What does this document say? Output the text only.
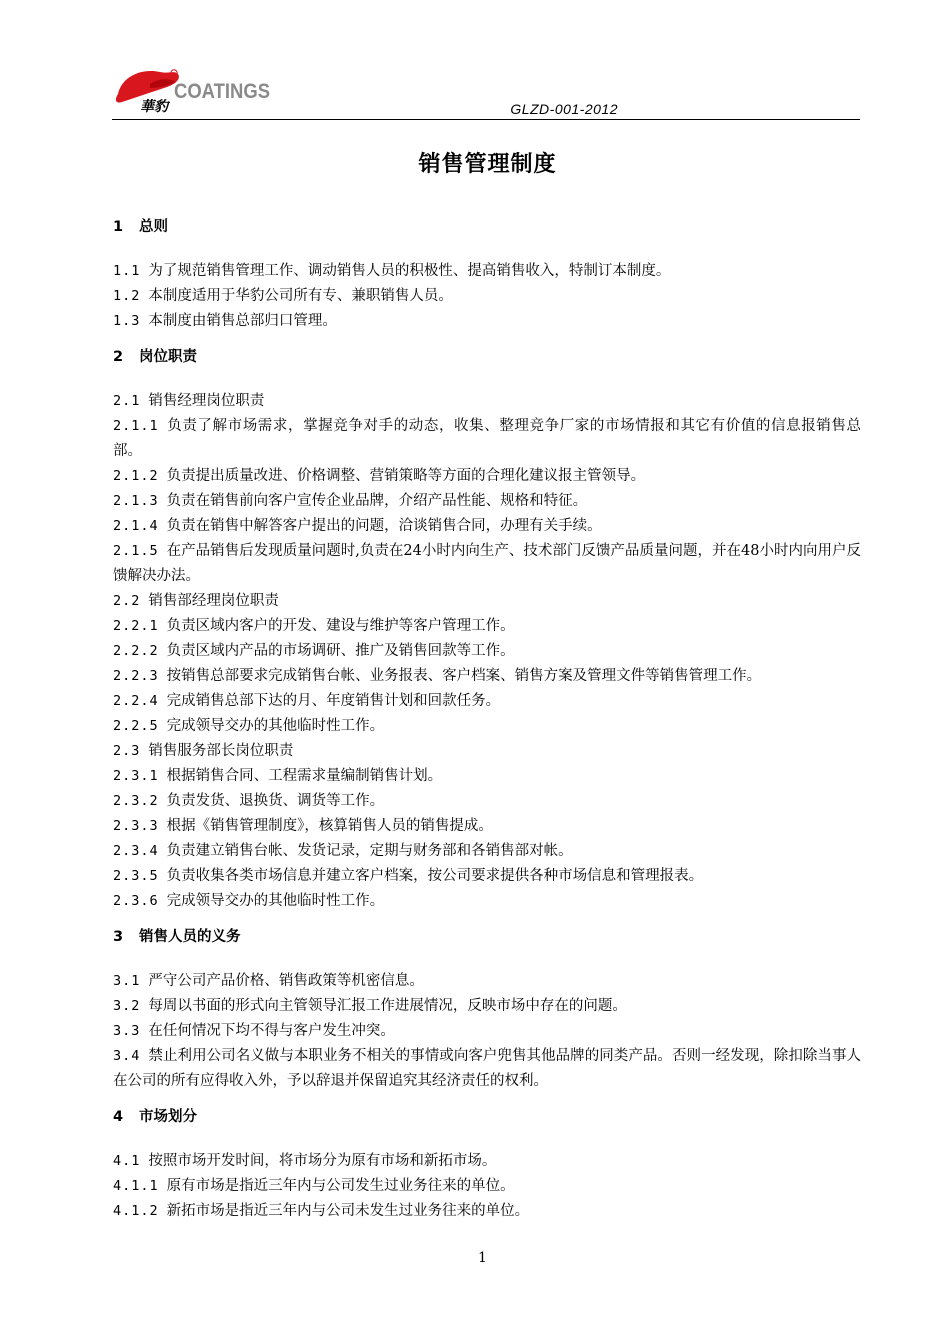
華豹
COATINGS
GLZD-001-2012
销售管理制度
1 总则

1.1 为了规范销售管理工作、调动销售人员的积极性、提高销售收入，特制订本制度。

1.2 本制度适用于华豹公司所有专、兼职销售人员。

1.3 本制度由销售总部归口管理。

2 岗位职责

2.1 销售经理岗位职责

2.1.1 负责了解市场需求，掌握竞争对手的动态，收集、整理竞争厂家的市场情报和其它有价值的信息报销售总部。

2.1.2 负责提出质量改进、价格调整、营销策略等方面的合理化建议报主管领导。

2.1.3 负责在销售前向客户宣传企业品牌，介绍产品性能、规格和特征。

2.1.4 负责在销售中解答客户提出的问题，洽谈销售合同，办理有关手续。

2.1.5 在产品销售后发现质量问题时,负责在24小时内向生产、技术部门反馈产品质量问题，并在48小时内向用户反馈解决办法。

2.2 销售部经理岗位职责

2.2.1 负责区域内客户的开发、建设与维护等客户管理工作。

2.2.2 负责区域内产品的市场调研、推广及销售回款等工作。

2.2.3 按销售总部要求完成销售台帐、业务报表、客户档案、销售方案及管理文件等销售管理工作。

2.2.4 完成销售总部下达的月、年度销售计划和回款任务。

2.2.5 完成领导交办的其他临时性工作。

2.3 销售服务部长岗位职责

2.3.1 根据销售合同、工程需求量编制销售计划。

2.3.2 负责发货、退换货、调货等工作。

2.3.3 根据《销售管理制度》，核算销售人员的销售提成。

2.3.4 负责建立销售台帐、发货记录，定期与财务部和各销售部对帐。

2.3.5 负责收集各类市场信息并建立客户档案，按公司要求提供各种市场信息和管理报表。

2.3.6 完成领导交办的其他临时性工作。

3 销售人员的义务

3.1 严守公司产品价格、销售政策等机密信息。

3.2 每周以书面的形式向主管领导汇报工作进展情况，反映市场中存在的问题。

3.3 在任何情况下均不得与客户发生冲突。

3.4 禁止利用公司名义做与本职业务不相关的事情或向客户兜售其他品牌的同类产品。否则一经发现，除扣除当事人在公司的所有应得收入外，予以辞退并保留追究其经济责任的权利。

4 市场划分

4.1 按照市场开发时间，将市场分为原有市场和新拓市场。

4.1.1 原有市场是指近三年内与公司发生过业务往来的单位。

4.1.2 新拓市场是指近三年内与公司未发生过业务往来的单位。

1
